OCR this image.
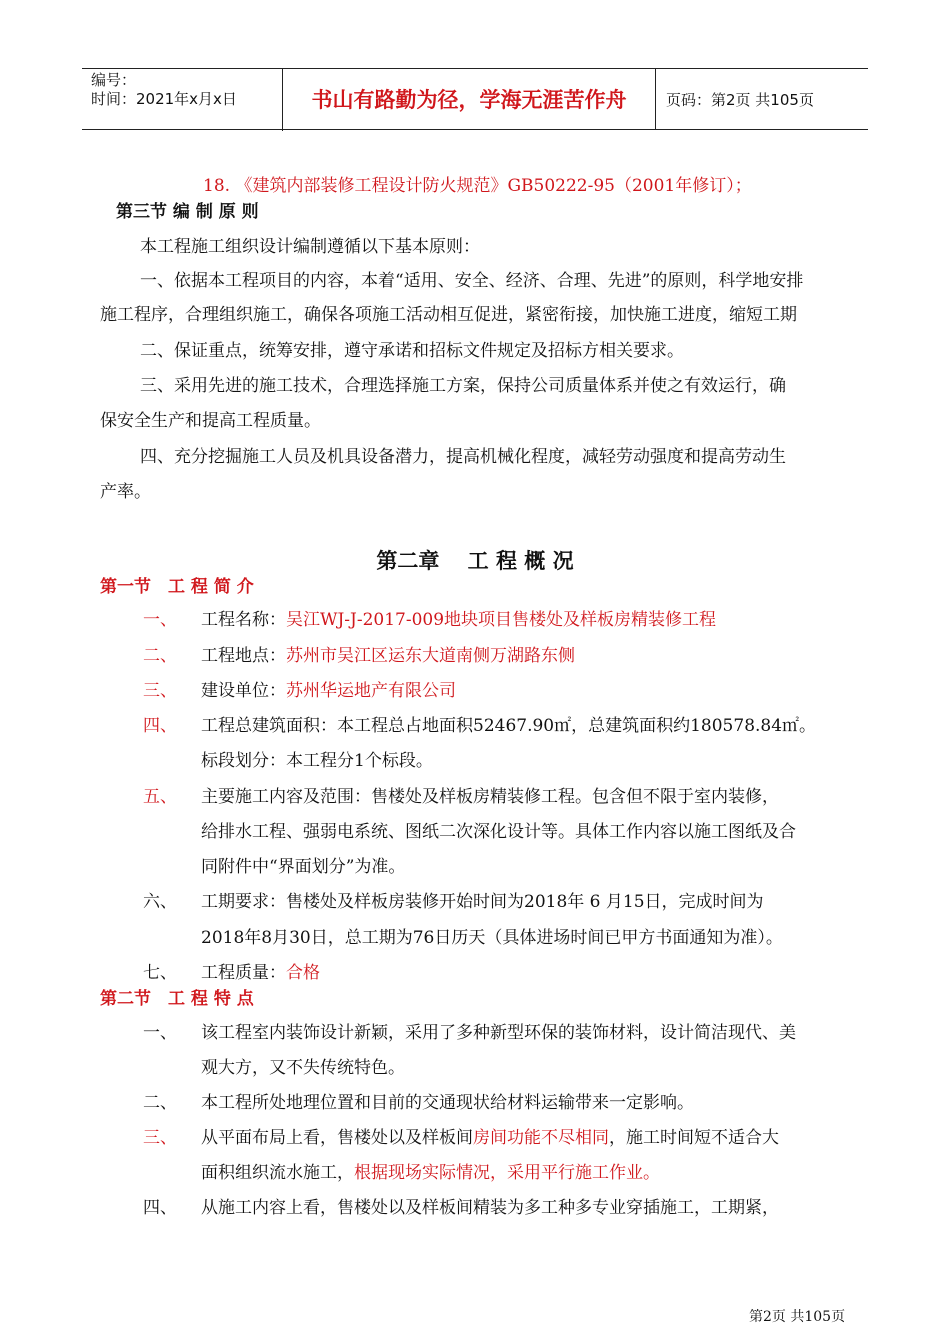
编号：
时间：2021年x月x日	书山有路勤为径，学海无涯苦作舟	页码：第2页 共105页
18. 《建筑内部装修工程设计防火规范》GB50222-95（2001年修订）；
第三节 编 制 原 则
本工程施工组织设计编制遵循以下基本原则：
一、依据本工程项目的内容，本着“适用、安全、经济、合理、先进”的原则，科学地安排
施工程序，合理组织施工，确保各项施工活动相互促进，紧密衔接，加快施工进度，缩短工期
二、保证重点，统筹安排，遵守承诺和招标文件规定及招标方相关要求。
三、采用先进的施工技术，合理选择施工方案，保持公司质量体系并使之有效运行，确
保安全生产和提高工程质量。
四、充分挖掘施工人员及机具设备潜力，提高机械化程度，减轻劳动强度和提高劳动生
产率。
第二章　 工 程 概 况
第一节　工 程 简 介
一、 工程名称：吴江WJ-J-2017-009地块项目售楼处及样板房精装修工程
二、 工程地点：苏州市吴江区运东大道南侧万湖路东侧
三、 建设单位：苏州华运地产有限公司
四、 工程总建筑面积：本工程总占地面积52467.90㎡，总建筑面积约180578.84㎡。
标段划分：本工程分1个标段。
五、 主要施工内容及范围：售楼处及样板房精装修工程。包含但不限于室内装修，
给排水工程、强弱电系统、图纸二次深化设计等。具体工作内容以施工图纸及合
同附件中“界面划分”为准。
六、 工期要求：售楼处及样板房装修开始时间为2018年 6 月15日，完成时间为
2018年8月30日，总工期为76日历天（具体进场时间已甲方书面通知为准）。
七、 工程质量：合格
第二节　工 程 特 点
一、 该工程室内装饰设计新颖，采用了多种新型环保的装饰材料，设计简洁现代、美
观大方，又不失传统特色。
二、 本工程所处地理位置和目前的交通现状给材料运输带来一定影响。
三、 从平面布局上看，售楼处以及样板间房间功能不尽相同，施工时间短不适合大
面积组织流水施工，根据现场实际情况，采用平行施工作业。
四、 从施工内容上看，售楼处以及样板间精装为多工种多专业穿插施工，工期紧，
第2页 共105页
